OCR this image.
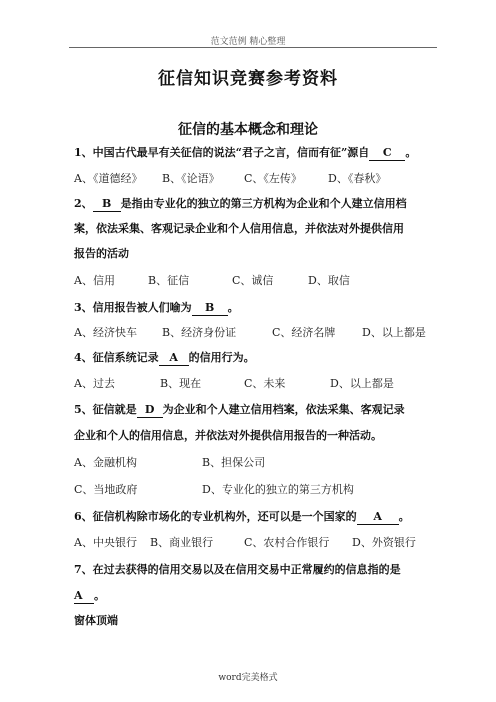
范文范例 精心整理
征信知识竞赛参考资料
征信的基本概念和理论
1、中国古代最早有关征信的说法“君子之言，信而有征”源自 C 。
A、《道德经》 B、《论语》 C、《左传》 D、《春秋》
2、 B 是指由专业化的独立的第三方机构为企业和个人建立信用档
案，依法采集、客观记录企业和个人信用信息，并依法对外提供信用
报告的活动
A、信用	B、征信	C、诚信	D、取信
3、信用报告被人们喻为 B 。
A、经济快车 B、经济身份证	C、经济名牌 D、以上都是
4、征信系统记录 A 的信用行为。
A、过去	B、现在	C、未来	D、以上都是
5、征信就是 D 为企业和个人建立信用档案，依法采集、客观记录
企业和个人的信用信息，并依法对外提供信用报告的一种活动。
A、金融机构	B、担保公司
C、当地政府	D、专业化的独立的第三方机构
6、征信机构除市场化的专业机构外，还可以是一个国家的 A 。
A、中央银行 B、商业银行	C、农村合作银行 D、外资银行
7、在过去获得的信用交易以及在信用交易中正常履约的信息指的是
A 。
窗体顶端
word完美格式
